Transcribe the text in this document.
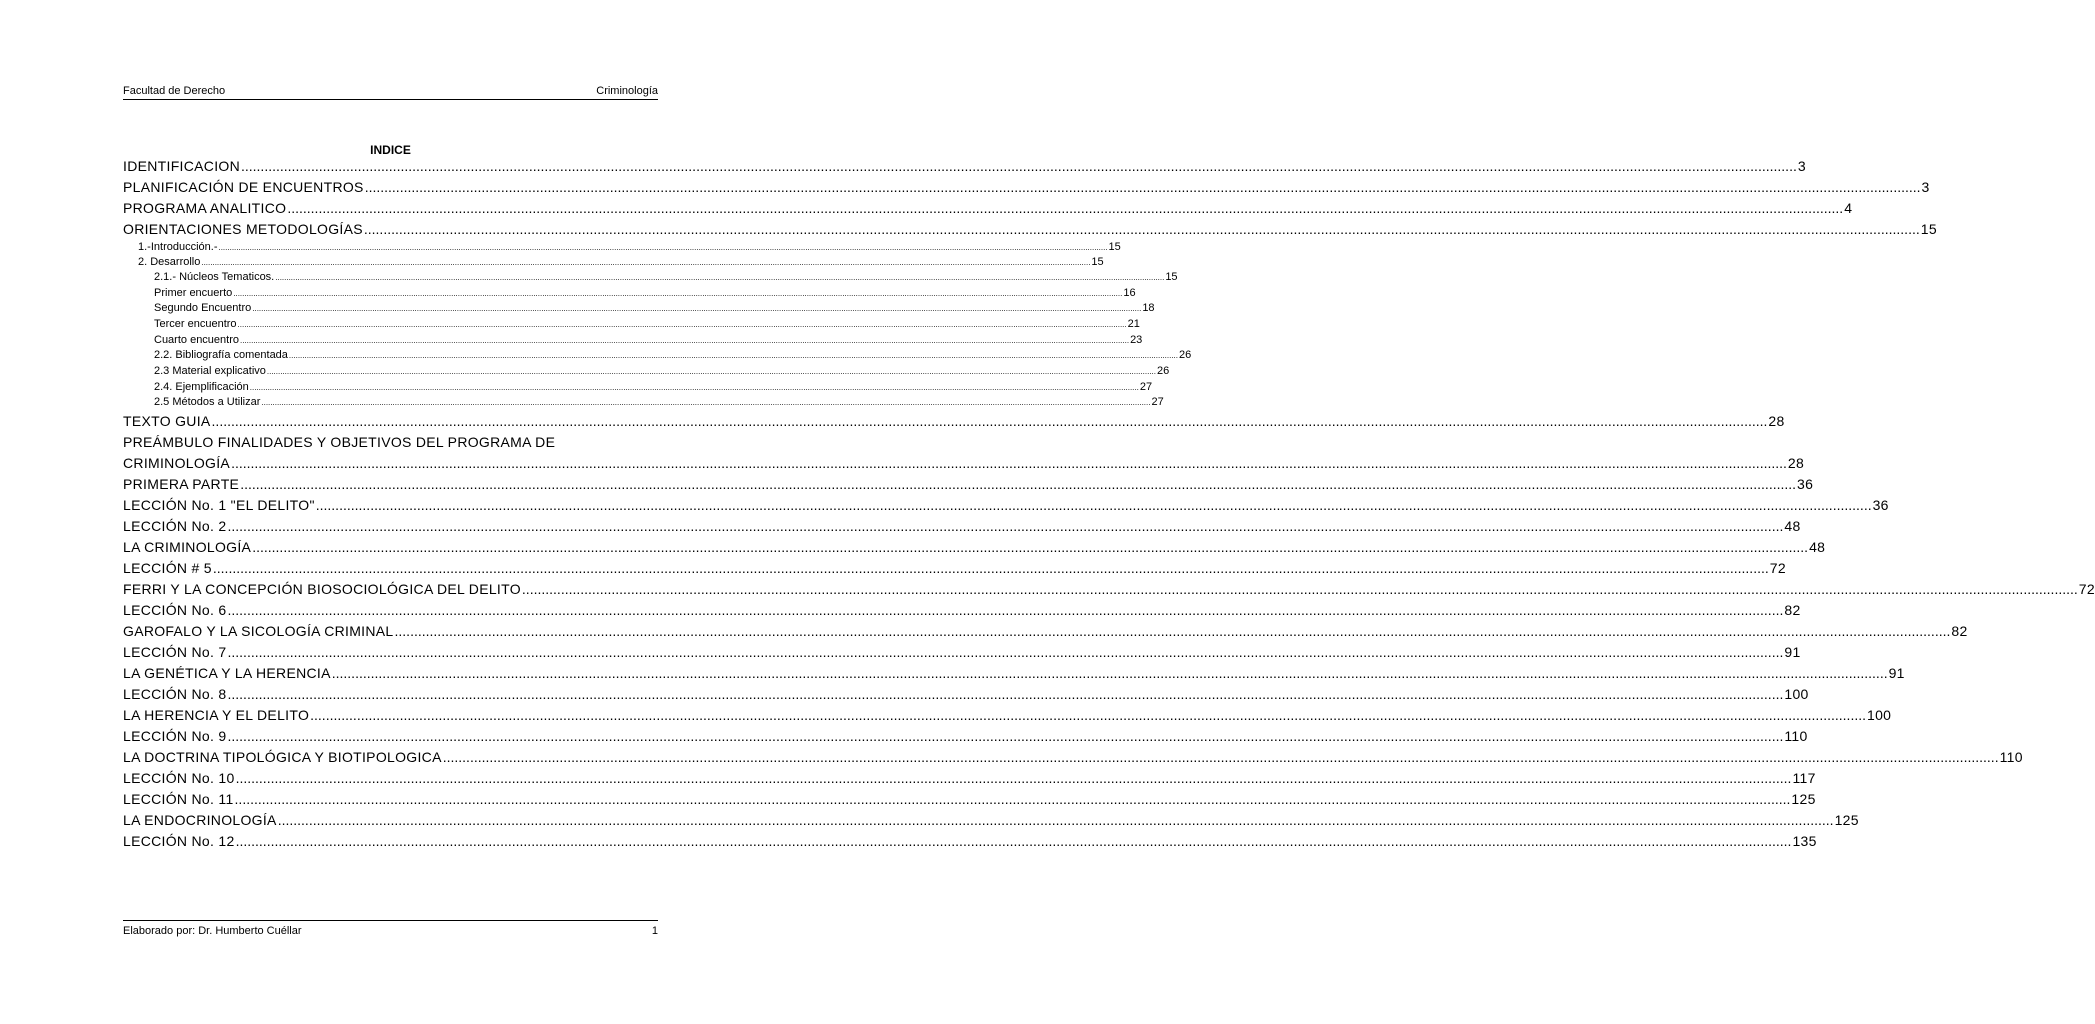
Facultad de Derecho	Criminología
INDICE
IDENTIFICACION ................................................................................................................................................................................................................................................................................................................................................................................................................ 3
PLANIFICACIÓN DE ENCUENTROS ................................................................................................................................................................................................................................................................................................................................................................................................................ 3
PROGRAMA ANALITICO ................................................................................................................................................................................................................................................................................................................................................................................................................ 4
ORIENTACIONES METODOLOGÍAS ................................................................................................................................................................................................................................................................................................................................................................................................................ 15
1.-Introducción.- ................................................................................................................................................................................................................................................................................................................................................................................................................ 15
2. Desarrollo ................................................................................................................................................................................................................................................................................................................................................................................................................ 15
2.1.- Núcleos Tematicos. ................................................................................................................................................................................................................................................................................................................................................................................................................ 15
Primer encuerto ................................................................................................................................................................................................................................................................................................................................................................................................................ 16
Segundo Encuentro ................................................................................................................................................................................................................................................................................................................................................................................................................ 18
Tercer encuentro ................................................................................................................................................................................................................................................................................................................................................................................................................ 21
Cuarto encuentro ................................................................................................................................................................................................................................................................................................................................................................................................................ 23
2.2. Bibliografía comentada ................................................................................................................................................................................................................................................................................................................................................................................................................ 26
2.3 Material explicativo ................................................................................................................................................................................................................................................................................................................................................................................................................ 26
2.4. Ejemplificación ................................................................................................................................................................................................................................................................................................................................................................................................................ 27
2.5 Métodos a Utilizar ................................................................................................................................................................................................................................................................................................................................................................................................................ 27
TEXTO GUIA ................................................................................................................................................................................................................................................................................................................................................................................................................ 28
PREÁMBULO FINALIDADES Y OBJETIVOS DEL PROGRAMA DE
CRIMINOLOGÍA ................................................................................................................................................................................................................................................................................................................................................................................................................ 28
PRIMERA PARTE ................................................................................................................................................................................................................................................................................................................................................................................................................ 36
LECCIÓN No. 1 "EL DELITO" ................................................................................................................................................................................................................................................................................................................................................................................................................ 36
LECCIÓN No. 2 ................................................................................................................................................................................................................................................................................................................................................................................................................ 48
LA CRIMINOLOGÍA ................................................................................................................................................................................................................................................................................................................................................................................................................ 48
LECCIÓN # 5 ................................................................................................................................................................................................................................................................................................................................................................................................................ 72
FERRI Y LA CONCEPCIÓN BIOSOCIOLÓGICA DEL DELITO ................................................................................................................................................................................................................................................................................................................................................................................................................ 72
LECCIÓN No. 6 ................................................................................................................................................................................................................................................................................................................................................................................................................ 82
GAROFALO Y LA SICOLOGÍA CRIMINAL ................................................................................................................................................................................................................................................................................................................................................................................................................ 82
LECCIÓN No. 7 ................................................................................................................................................................................................................................................................................................................................................................................................................ 91
LA GENÉTICA Y LA HERENCIA ................................................................................................................................................................................................................................................................................................................................................................................................................ 91
LECCIÓN No. 8 ................................................................................................................................................................................................................................................................................................................................................................................................................ 100
LA HERENCIA Y EL DELITO ................................................................................................................................................................................................................................................................................................................................................................................................................ 100
LECCIÓN No. 9 ................................................................................................................................................................................................................................................................................................................................................................................................................ 110
LA DOCTRINA TIPOLÓGICA Y BIOTIPOLOGICA ................................................................................................................................................................................................................................................................................................................................................................................................................ 110
LECCIÓN No. 10 ................................................................................................................................................................................................................................................................................................................................................................................................................ 117
LECCIÓN No. 11 ................................................................................................................................................................................................................................................................................................................................................................................................................ 125
LA ENDOCRINOLOGÍA ................................................................................................................................................................................................................................................................................................................................................................................................................ 125
LECCIÓN No. 12 ................................................................................................................................................................................................................................................................................................................................................................................................................ 135
Elaborado por: Dr. Humberto Cuéllar	1
